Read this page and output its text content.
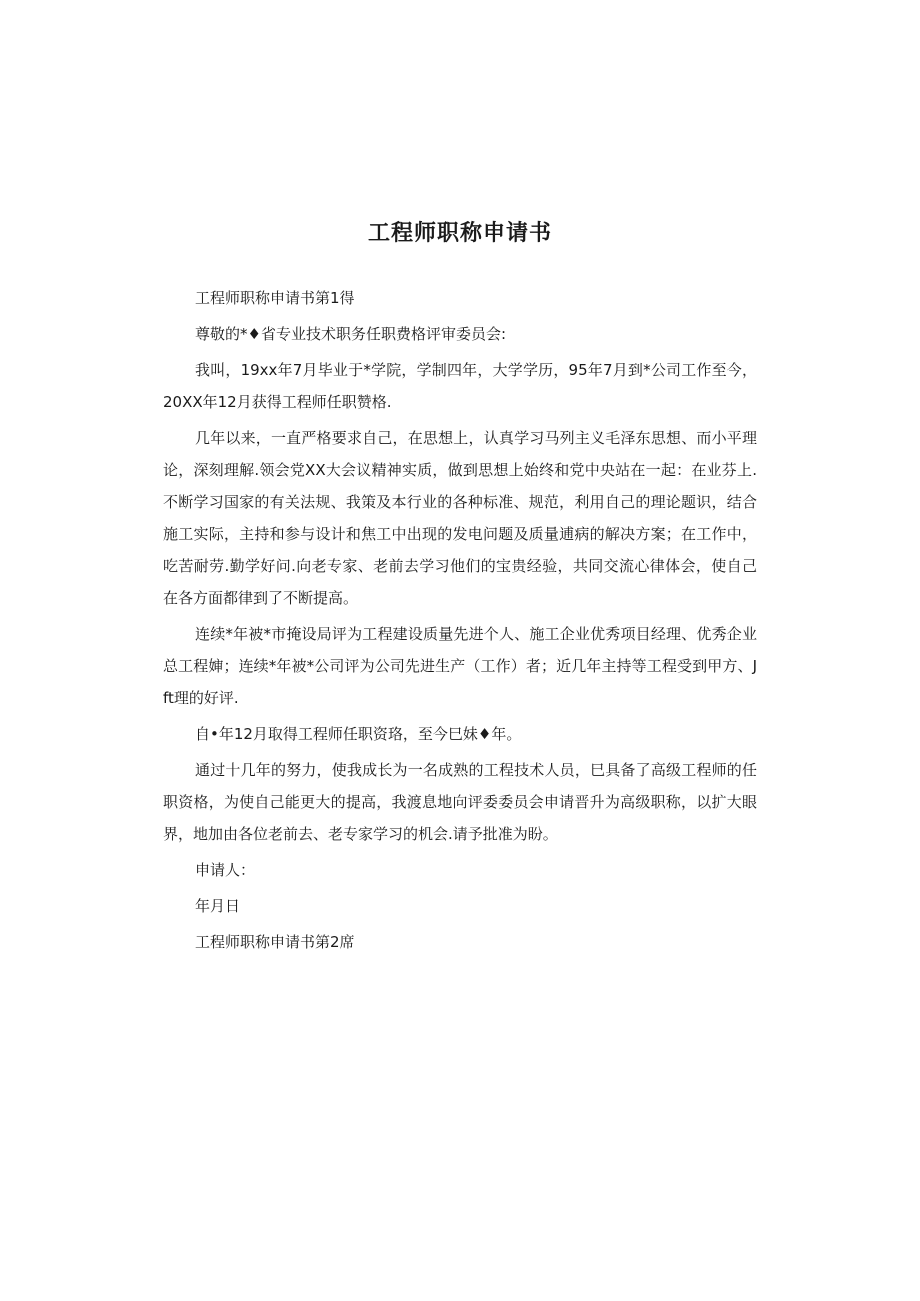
工程师职称申请书

工程师职称申请书第1得

尊敬的*♦省专业技术职务任职费格评审委员会:

我叫，19xx年7月毕业于*学院，学制四年，大学学历，95年7月到*公司工作至今，20XX年12月获得工程师任职赞格.

几年以来，一直严格要求自己，在思想上，认真学习马列主义毛泽东思想、而小平理论，深刻理解.领会党XX大会议精神实质，做到思想上始终和党中央站在一起：在业芬上.不断学习国家的有关法规、我策及本行业的各种标准、规范，利用自己的理论题识，结合施工实际，主持和参与设计和焦工中出现的发电问题及质量逋病的解决方案；在工作中，吃苦耐劳.勤学好问.向老专家、老前去学习他们的宝贵经验，共同交流心律体会，使自己在各方面都律到了不断提高。

连续*年被*市掩设局评为工程建设质量先进个人、施工企业优秀项目经理、优秀企业总工程婶；连续*年被*公司评为公司先进生产（工作）者；近几年主持等工程受到甲方、Jft理的好评.

自•年12月取得工程师任职资珞，至今巳妹♦年。

通过十几年的努力，使我成长为一名成熟的工程技术人员，巳具备了高级工程师的任职资格，为使自己能更大的提高，我渡息地向评委委员会申请晋升为高级职称，以扩大眼界，地加由各位老前去、老专家学习的机会.请予批准为盼。

申请人：

年月日

工程师职称申请书第2席
